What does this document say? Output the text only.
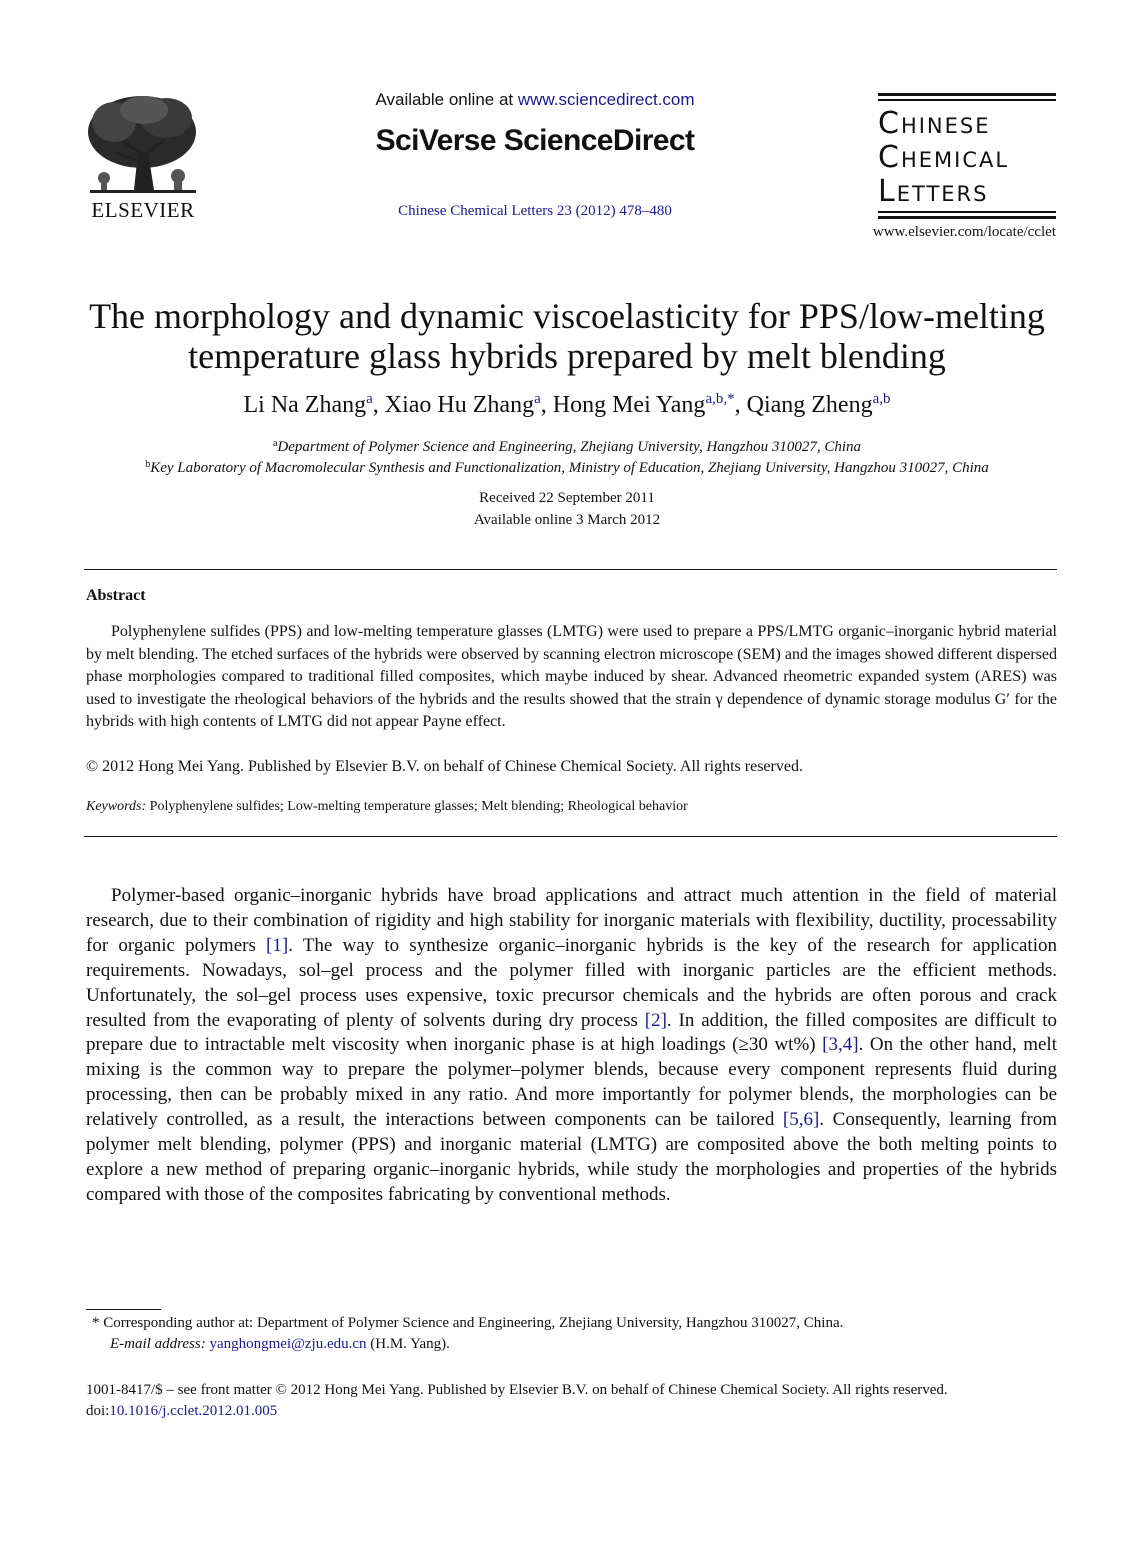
ELSEVIER
Available online at www.sciencedirect.com
SciVerse ScienceDirect
Chinese Chemical Letters 23 (2012) 478–480
Chinese
Chemical
Letters
www.elsevier.com/locate/cclet
The morphology and dynamic viscoelasticity for PPS/low-melting
temperature glass hybrids prepared by melt blending
Li Na Zhang$^a$, Xiao Hu Zhang$^a$, Hong Mei Yang$^{a,b,*}$, Qiang Zheng$^{a,b}$
$^a$Department of Polymer Science and Engineering, Zhejiang University, Hangzhou 310027, China
$^b$Key Laboratory of Macromolecular Synthesis and Functionalization, Ministry of Education, Zhejiang University, Hangzhou 310027, China
Received 22 September 2011
Available online 3 March 2012
Abstract

Polyphenylene sulfides (PPS) and low-melting temperature glasses (LMTG) were used to prepare a PPS/LMTG organic–inorganic hybrid material by melt blending. The etched surfaces of the hybrids were observed by scanning electron microscope (SEM) and the images showed different dispersed phase morphologies compared to traditional filled composites, which maybe induced by shear. Advanced rheometric expanded system (ARES) was used to investigate the rheological behaviors of the hybrids and the results showed that the strain γ dependence of dynamic storage modulus G′ for the hybrids with high contents of LMTG did not appear Payne effect.

© 2012 Hong Mei Yang. Published by Elsevier B.V. on behalf of Chinese Chemical Society. All rights reserved.
Keywords: Polyphenylene sulfides; Low-melting temperature glasses; Melt blending; Rheological behavior

Polymer-based organic–inorganic hybrids have broad applications and attract much attention in the field of material research, due to their combination of rigidity and high stability for inorganic materials with flexibility, ductility, processability for organic polymers [1]. The way to synthesize organic–inorganic hybrids is the key of the research for application requirements. Nowadays, sol–gel process and the polymer filled with inorganic particles are the efficient methods. Unfortunately, the sol–gel process uses expensive, toxic precursor chemicals and the hybrids are often porous and crack resulted from the evaporating of plenty of solvents during dry process [2]. In addition, the filled composites are difficult to prepare due to intractable melt viscosity when inorganic phase is at high loadings (≥30 wt%) [3,4]. On the other hand, melt mixing is the common way to prepare the polymer–polymer blends, because every component represents fluid during processing, then can be probably mixed in any ratio. And more importantly for polymer blends, the morphologies can be relatively controlled, as a result, the interactions between components can be tailored [5,6]. Consequently, learning from polymer melt blending, polymer (PPS) and inorganic material (LMTG) are composited above the both melting points to explore a new method of preparing organic–inorganic hybrids, while study the morphologies and properties of the hybrids compared with those of the composites fabricating by conventional methods.

* Corresponding author at: Department of Polymer Science and Engineering, Zhejiang University, Hangzhou 310027, China.
E-mail address: yanghongmei@zju.edu.cn (H.M. Yang).
1001-8417/$ – see front matter © 2012 Hong Mei Yang. Published by Elsevier B.V. on behalf of Chinese Chemical Society. All rights reserved.
doi:10.1016/j.cclet.2012.01.005
